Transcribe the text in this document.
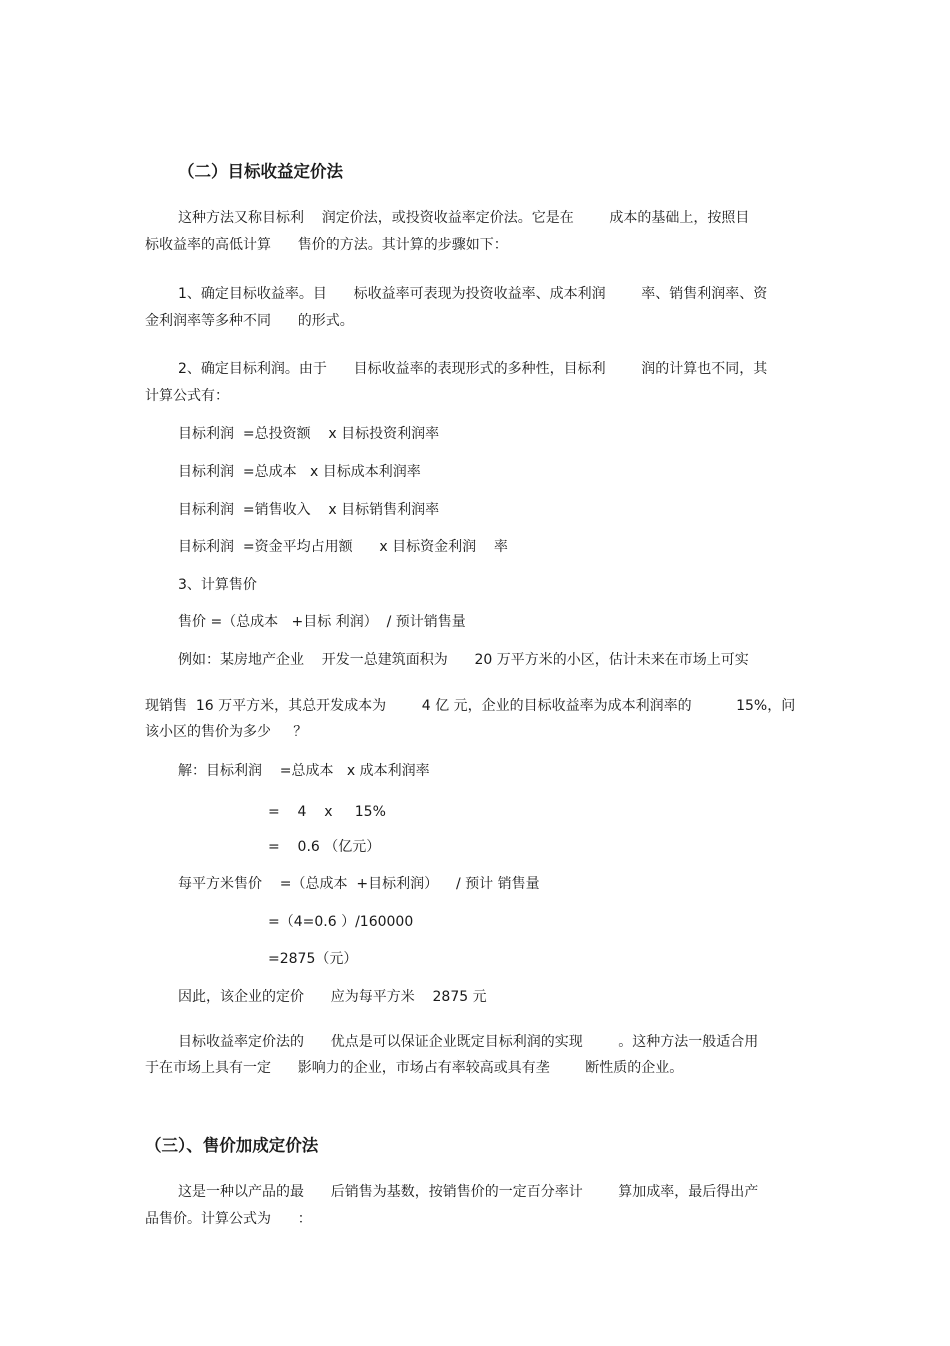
（二）目标收益定价法

这种方法又称目标利    润定价法，或投资收益率定价法。它是在        成本的基础上，按照目

标收益率的高低计算      售价的方法。其计算的步骤如下：

1、确定目标收益率。目      标收益率可表现为投资收益率、成本利润        率、销售利润率、资

金利润率等多种不同      的形式。

2、确定目标利润。由于      目标收益率的表现形式的多种性，目标利        润的计算也不同，其

计算公式有：

目标利润  =总投资额    x 目标投资利润率

目标利润  =总成本   x 目标成本利润率

目标利润  =销售收入    x 目标销售利润率

目标利润  =资金平均占用额      x 目标资金利润    率

3、计算售价

售价 =（总成本   +目标 利润）  / 预计销售量

例如：某房地产企业    开发一总建筑面积为      20 万平方米的小区，估计未来在市场上可实

现销售  16 万平方米，其总开发成本为        4 亿 元，企业的目标收益率为成本利润率的          15%，问

该小区的售价为多少     ？

解：目标利润    =总成本   x 成本利润率

=    4    x     15%

=    0.6 （亿元）

每平方米售价    =（总成本  +目标利润）    / 预计 销售量

=（4=0.6 ）/160000

=2875（元）

因此，该企业的定价      应为每平方米    2875 元

目标收益率定价法的      优点是可以保证企业既定目标利润的实现        。这种方法一般适合用

于在市场上具有一定      影响力的企业，市场占有率较高或具有垄        断性质的企业。

（三）、售价加成定价法

这是一种以产品的最      后销售为基数，按销售价的一定百分率计        算加成率，最后得出产

品售价。计算公式为      ：
